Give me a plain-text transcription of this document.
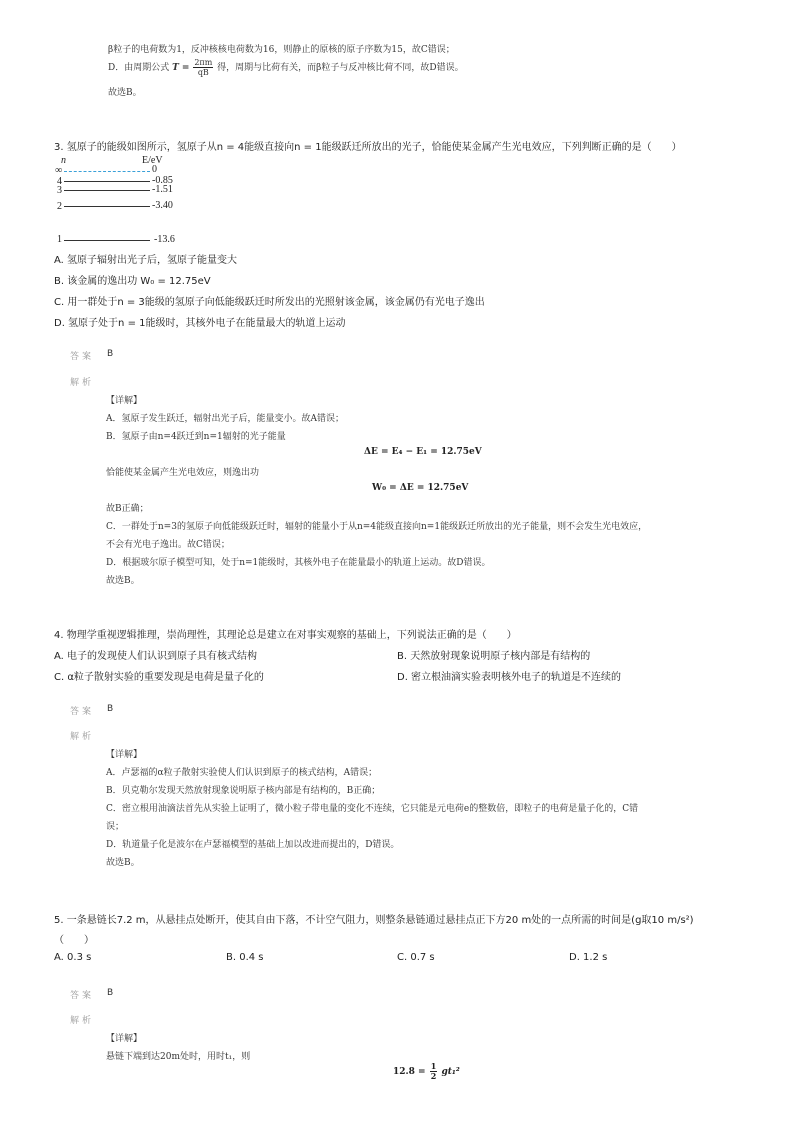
β粒子的电荷数为1，反冲核核电荷数为16，则静止的原核的原子序数为15，故C错误；
D．由周期公式 $T = \frac{2\pi m}{qB}$ 得，周期与比荷有关，而β粒子与反冲核比荷不同，故D错误。
故选B。
3. 氢原子的能级如图所示，氢原子从n = 4能级直接向n = 1能级跃迁所放出的光子，恰能使某金属产生光电效应，下列判断正确的是（　　）
n	E/eV
∞	0
4	-0.85
3	-1.51
2	-3.40
1	-13.6
A. 氢原子辐射出光子后，氢原子能量变大
B. 该金属的逸出功 W₀ = 12.75eV
C. 用一群处于n = 3能级的氢原子向低能级跃迁时所发出的光照射该金属，该金属仍有光电子逸出
D. 氢原子处于n = 1能级时，其核外电子在能量最大的轨道上运动
答案 B
解析
【详解】
A．氢原子发生跃迁，辐射出光子后，能量变小。故A错误；
B．氢原子由n=4跃迁到n=1辐射的光子能量
ΔE = E₄ − E₁ = 12.75eV
恰能使某金属产生光电效应，则逸出功
W₀ = ΔE = 12.75eV
故B正确；
C．一群处于n=3的氢原子向低能级跃迁时，辐射的能量小于从n=4能级直接向n=1能级跃迁所放出的光子能量，则不会发生光电效应，
不会有光电子逸出。故C错误；
D．根据玻尔原子模型可知，处于n=1能级时，其核外电子在能量最小的轨道上运动。故D错误。
故选B。
4. 物理学重视逻辑推理，崇尚理性，其理论总是建立在对事实观察的基础上，下列说法正确的是（　　）
A. 电子的发现使人们认识到原子具有核式结构	B. 天然放射现象说明原子核内部是有结构的
C. α粒子散射实验的重要发现是电荷是量子化的	D. 密立根油滴实验表明核外电子的轨道是不连续的
答案 B
解析
【详解】
A．卢瑟福的α粒子散射实验使人们认识到原子的核式结构，A错误；
B．贝克勒尔发现天然放射现象说明原子核内部是有结构的，B正确；
C．密立根用油滴法首先从实验上证明了，微小粒子带电量的变化不连续，它只能是元电荷e的整数倍，即粒子的电荷是量子化的，C错
误；
D．轨道量子化是波尔在卢瑟福模型的基础上加以改进而提出的，D错误。
故选B。
5. 一条悬链长7.2 m，从悬挂点处断开，使其自由下落，不计空气阻力，则整条悬链通过悬挂点正下方20 m处的一点所需的时间是(g取10 m/s²)
（　　）
A. 0.3 s	B. 0.4 s	C. 0.7 s	D. 1.2 s
答案 B
解析
【详解】
悬链下端到达20m处时，用时t₁，则
$12.8 = \frac{1}{2} gt_1^2$
